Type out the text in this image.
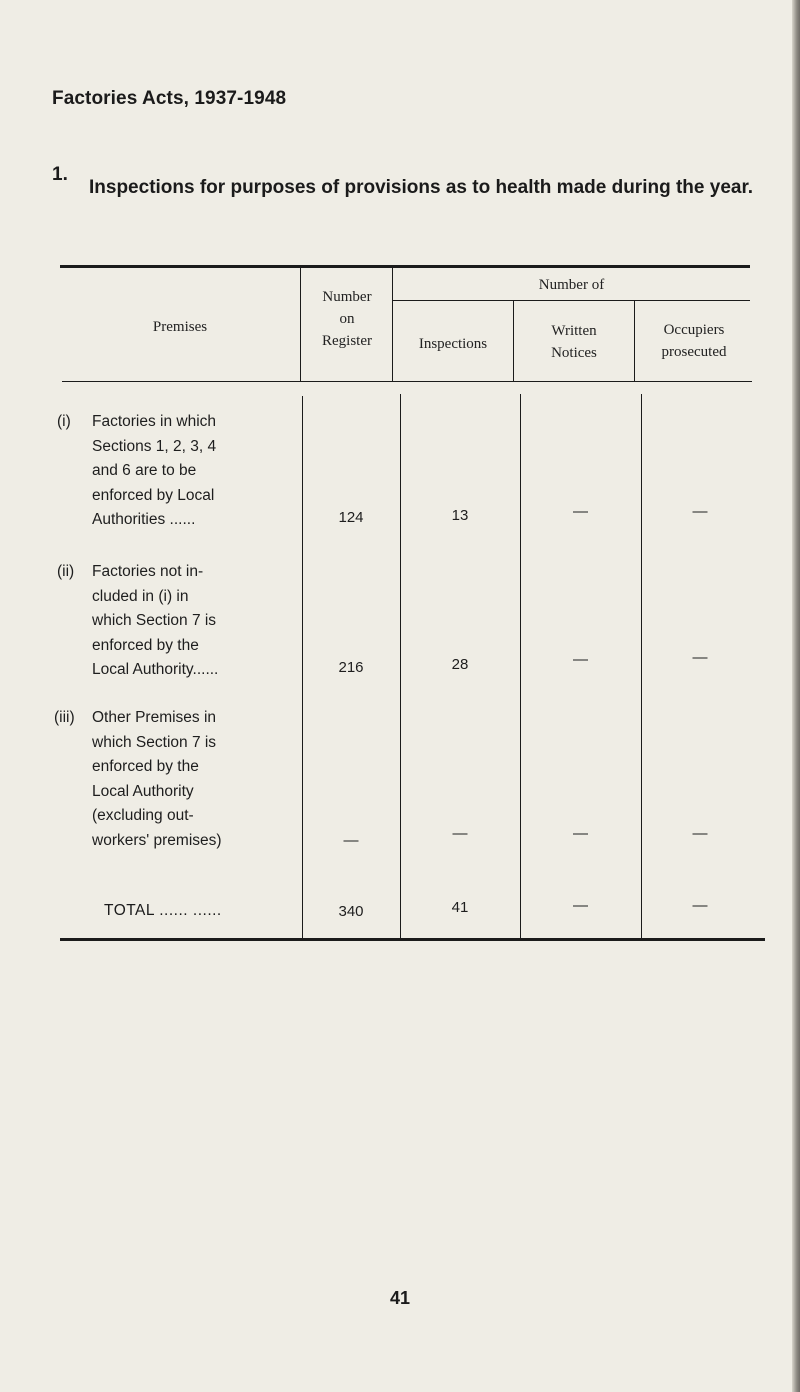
Factories Acts, 1937-1948
1.
Inspections for purposes of provisions as to health made during the year.
Premises
Number
on
Register
Number of
Inspections
Written
Notices
Occupiers
prosecuted
(i) Factories in which
Sections 1, 2, 3, 4
and 6 are to be
enforced by Local
Authorities ......	124	13	—	—
(ii) Factories not in-
cluded in (i) in
which Section 7 is
enforced by the
Local Authority......	216	28	—	—
(iii) Other Premises in
which Section 7 is
enforced by the
Local Authority
(excluding out-
workers' premises)	—	—	—	—
TOTAL ...... ......	340	41	—	—
41
